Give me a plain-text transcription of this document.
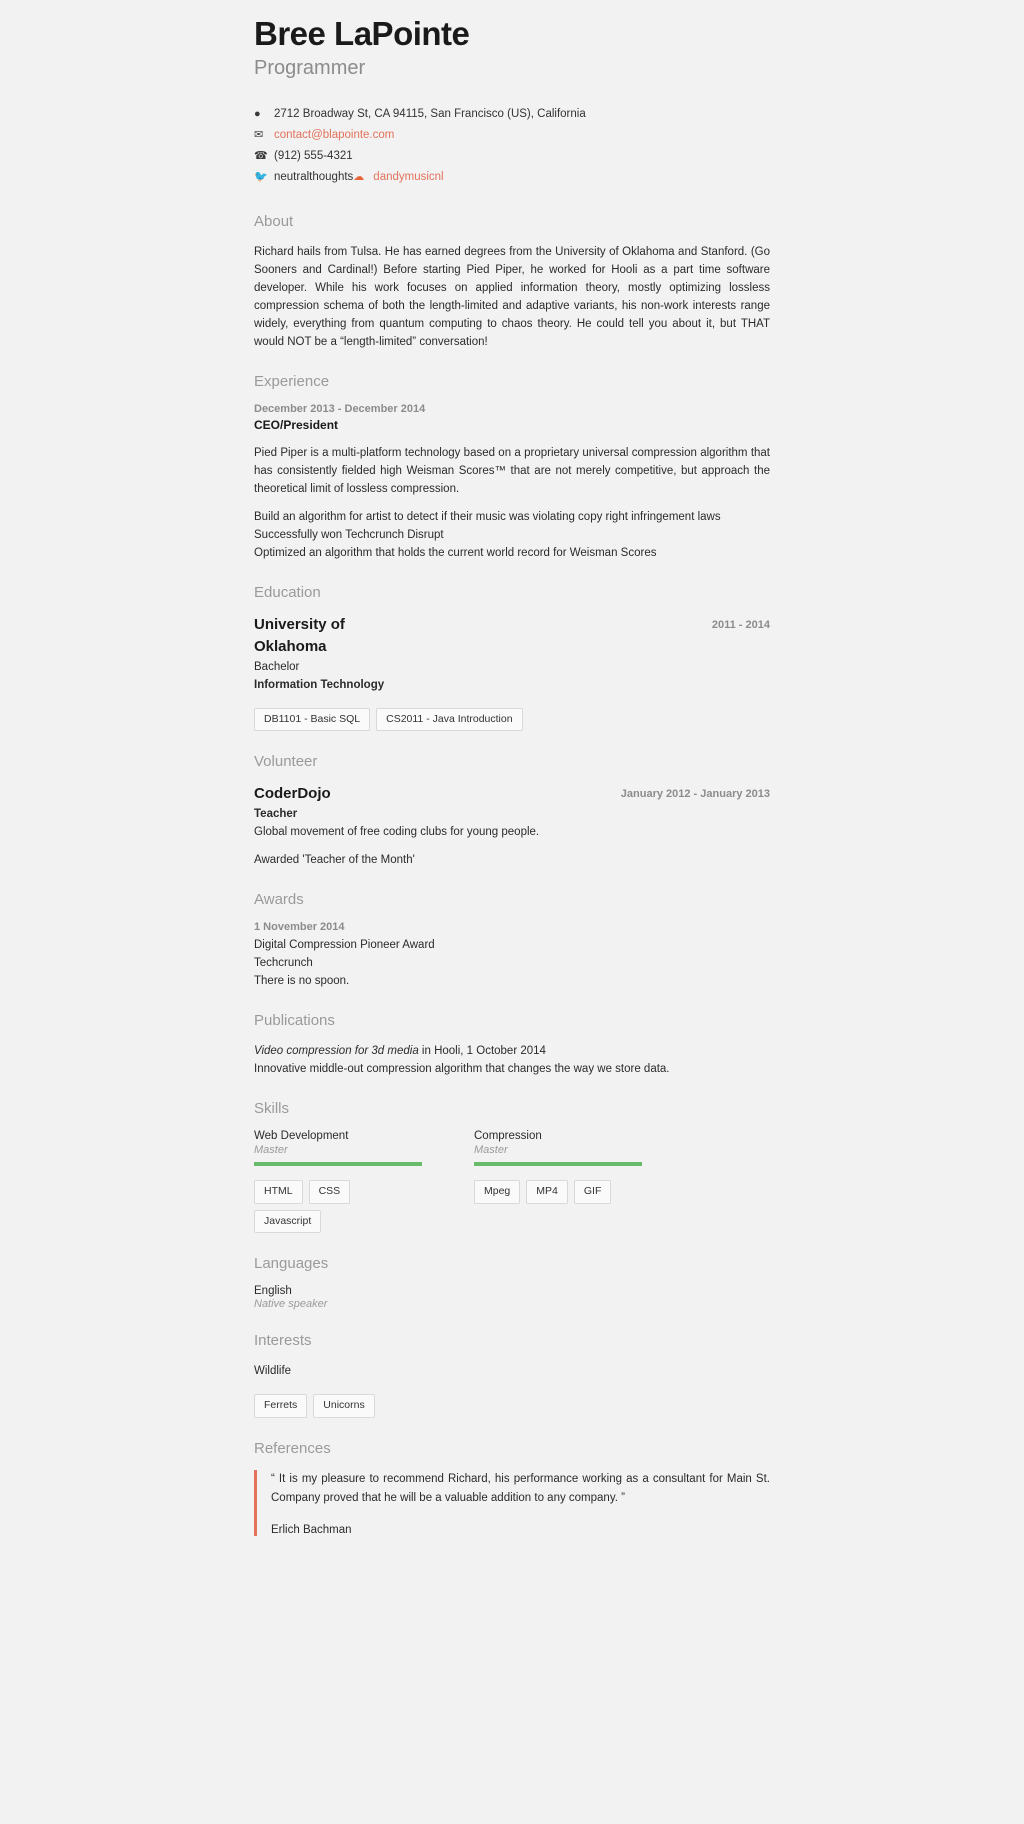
Bree LaPointe
Programmer
●︎	2712 Broadway St, CA 94115, San Francisco (US), California
✉ contact@blapointe.com
☎ (912) 555-4321
🐦 neutralthoughts ☁ dandymusicnl
About

Richard hails from Tulsa. He has earned degrees from the University of Oklahoma and Stanford. (Go Sooners and Cardinal!) Before starting Pied Piper, he worked for Hooli as a part time software developer. While his work focuses on applied information theory, mostly optimizing lossless compression schema of both the length-limited and adaptive variants, his non-work interests range widely, everything from quantum computing to chaos theory. He could tell you about it, but THAT would NOT be a “length-limited” conversation!

Experience
December 2013 - December 2014
CEO/President

Pied Piper is a multi-platform technology based on a proprietary universal compression algorithm that has consistently fielded high Weisman Scores™ that are not merely competitive, but approach the theoretical limit of lossless compression.

Build an algorithm for artist to detect if their music was violating copy right infringement laws
Successfully won Techcrunch Disrupt
Optimized an algorithm that holds the current world record for Weisman Scores
Education
University of Oklahoma
Bachelor
Information Technology
2011 - 2014
DB1101 - Basic SQL	CS2011 - Java Introduction
Volunteer
CoderDojo
Teacher
January 2012 - January 2013

Global movement of free coding clubs for young people.

Awarded 'Teacher of the Month'

Awards
1 November 2014
Digital Compression Pioneer Award
Techcrunch

There is no spoon.

Publications
Video compression for 3d media in Hooli, 1 October 2014

Innovative middle-out compression algorithm that changes the way we store data.

Skills
Web Development
Master
HTML	CSS
Javascript
Compression
Master
Mpeg	MP4	GIF
Languages
English
Native speaker
Interests
Wildlife
Ferrets	Unicorns
References

“ It is my pleasure to recommend Richard, his performance working as a consultant for Main St. Company proved that he will be a valuable addition to any company. ”

Erlich Bachman
